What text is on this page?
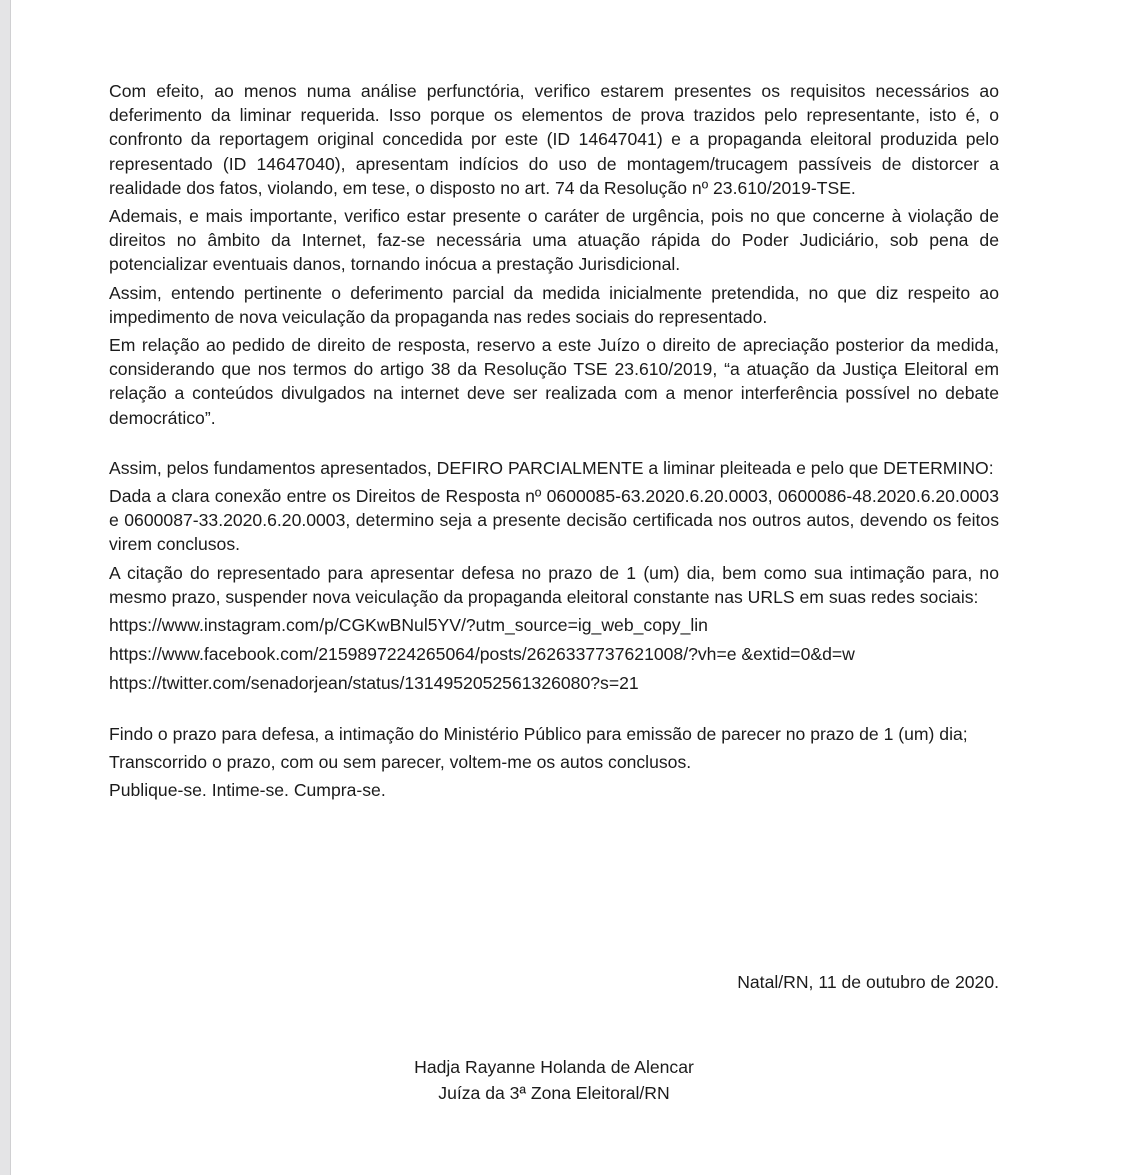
Com efeito, ao menos numa análise perfunctória, verifico estarem presentes os requisitos necessários ao deferimento da liminar requerida. Isso porque os elementos de prova trazidos pelo representante, isto é, o confronto da reportagem original concedida por este (ID 14647041) e a propaganda eleitoral produzida pelo representado (ID 14647040), apresentam indícios do uso de montagem/trucagem passíveis de distorcer a realidade dos fatos, violando, em tese, o disposto no art. 74 da Resolução nº 23.610/2019-TSE.

Ademais, e mais importante, verifico estar presente o caráter de urgência, pois no que concerne à violação de direitos no âmbito da Internet, faz-se necessária uma atuação rápida do Poder Judiciário, sob pena de potencializar eventuais danos, tornando inócua a prestação Jurisdicional.

Assim, entendo pertinente o deferimento parcial da medida inicialmente pretendida, no que diz respeito ao impedimento de nova veiculação da propaganda nas redes sociais do representado.

Em relação ao pedido de direito de resposta, reservo a este Juízo o direito de apreciação posterior da medida, considerando que nos termos do artigo 38 da Resolução TSE 23.610/2019, “a atuação da Justiça Eleitoral em relação a conteúdos divulgados na internet deve ser realizada com a menor interferência possível no debate democrático”.

Assim, pelos fundamentos apresentados, DEFIRO PARCIALMENTE a liminar pleiteada e pelo que DETERMINO:

Dada a clara conexão entre os Direitos de Resposta nº 0600085-63.2020.6.20.0003, 0600086-48.2020.6.20.0003 e 0600087-33.2020.6.20.0003, determino seja a presente decisão certificada nos outros autos, devendo os feitos virem conclusos.

A citação do representado para apresentar defesa no prazo de 1 (um) dia, bem como sua intimação para, no mesmo prazo, suspender nova veiculação da propaganda eleitoral constante nas URLS em suas redes sociais:

https://www.instagram.com/p/CGKwBNul5YV/?utm_source=ig_web_copy_lin
https://www.facebook.com/2159897224265064/posts/2626337737621008/?vh=e &extid=0&d=w
https://twitter.com/senadorjean/status/1314952052561326080?s=21

Findo o prazo para defesa, a intimação do Ministério Público para emissão de parecer no prazo de 1 (um) dia;

Transcorrido o prazo, com ou sem parecer, voltem-me os autos conclusos.

Publique-se. Intime-se. Cumpra-se.

Natal/RN, 11 de outubro de 2020.
Hadja Rayanne Holanda de Alencar
Juíza da 3ª Zona Eleitoral/RN
